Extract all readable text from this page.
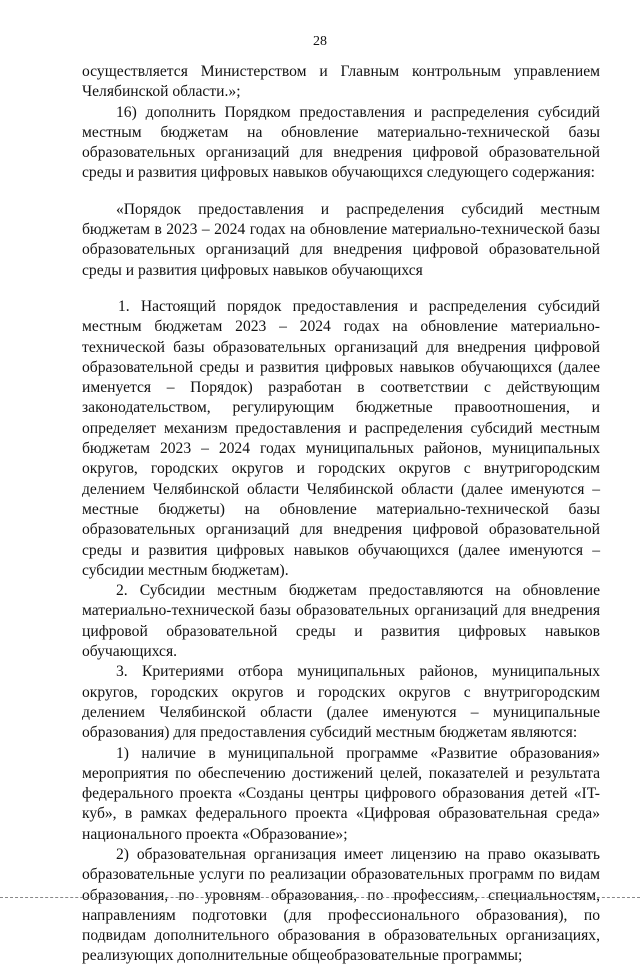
28

осуществляется Министерством и Главным контрольным управлением Челябинской области.»;

16) дополнить Порядком предоставления и распределения субсидий местным бюджетам на обновление материально-технической базы образовательных организаций для внедрения цифровой образовательной среды и развития цифровых навыков обучающихся следующего содержания:

«Порядок предоставления и распределения субсидий местным бюджетам в 2023 – 2024 годах на обновление материально-технической базы образовательных организаций для внедрения цифровой образовательной среды и развития цифровых навыков обучающихся

1. Настоящий порядок предоставления и распределения субсидий местным бюджетам 2023 – 2024 годах на обновление материально-технической базы образовательных организаций для внедрения цифровой образовательной среды и развития цифровых навыков обучающихся (далее именуется – Порядок) разработан в соответствии с действующим законодательством, регулирующим бюджетные правоотношения, и определяет механизм предоставления и распределения субсидий местным бюджетам 2023 – 2024 годах муниципальных районов, муниципальных округов, городских округов и городских округов с внутригородским делением Челябинской области Челябинской области (далее именуются – местные бюджеты) на обновление материально-технической базы образовательных организаций для внедрения цифровой образовательной среды и развития цифровых навыков обучающихся (далее именуются – субсидии местным бюджетам).

2. Субсидии местным бюджетам предоставляются на обновление материально-технической базы образовательных организаций для внедрения цифровой образовательной среды и развития цифровых навыков обучающихся.

3. Критериями отбора муниципальных районов, муниципальных округов, городских округов и городских округов с внутригородским делением Челябинской области (далее именуются – муниципальные образования) для предоставления субсидий местным бюджетам являются:

1) наличие в муниципальной программе «Развитие образования» мероприятия по обеспечению достижений целей, показателей и результата федерального проекта «Созданы центры цифрового образования детей «IT-куб», в рамках федерального проекта «Цифровая образовательная среда» национального проекта «Образование»;

2) образовательная организация имеет лицензию на право оказывать образовательные услуги по реализации образовательных программ по видам образования, по уровням образования, по профессиям, специальностям, направлениям подготовки (для профессионального образования), по подвидам дополнительного образования в образовательных организациях, реализующих дополнительные общеобразовательные программы;
